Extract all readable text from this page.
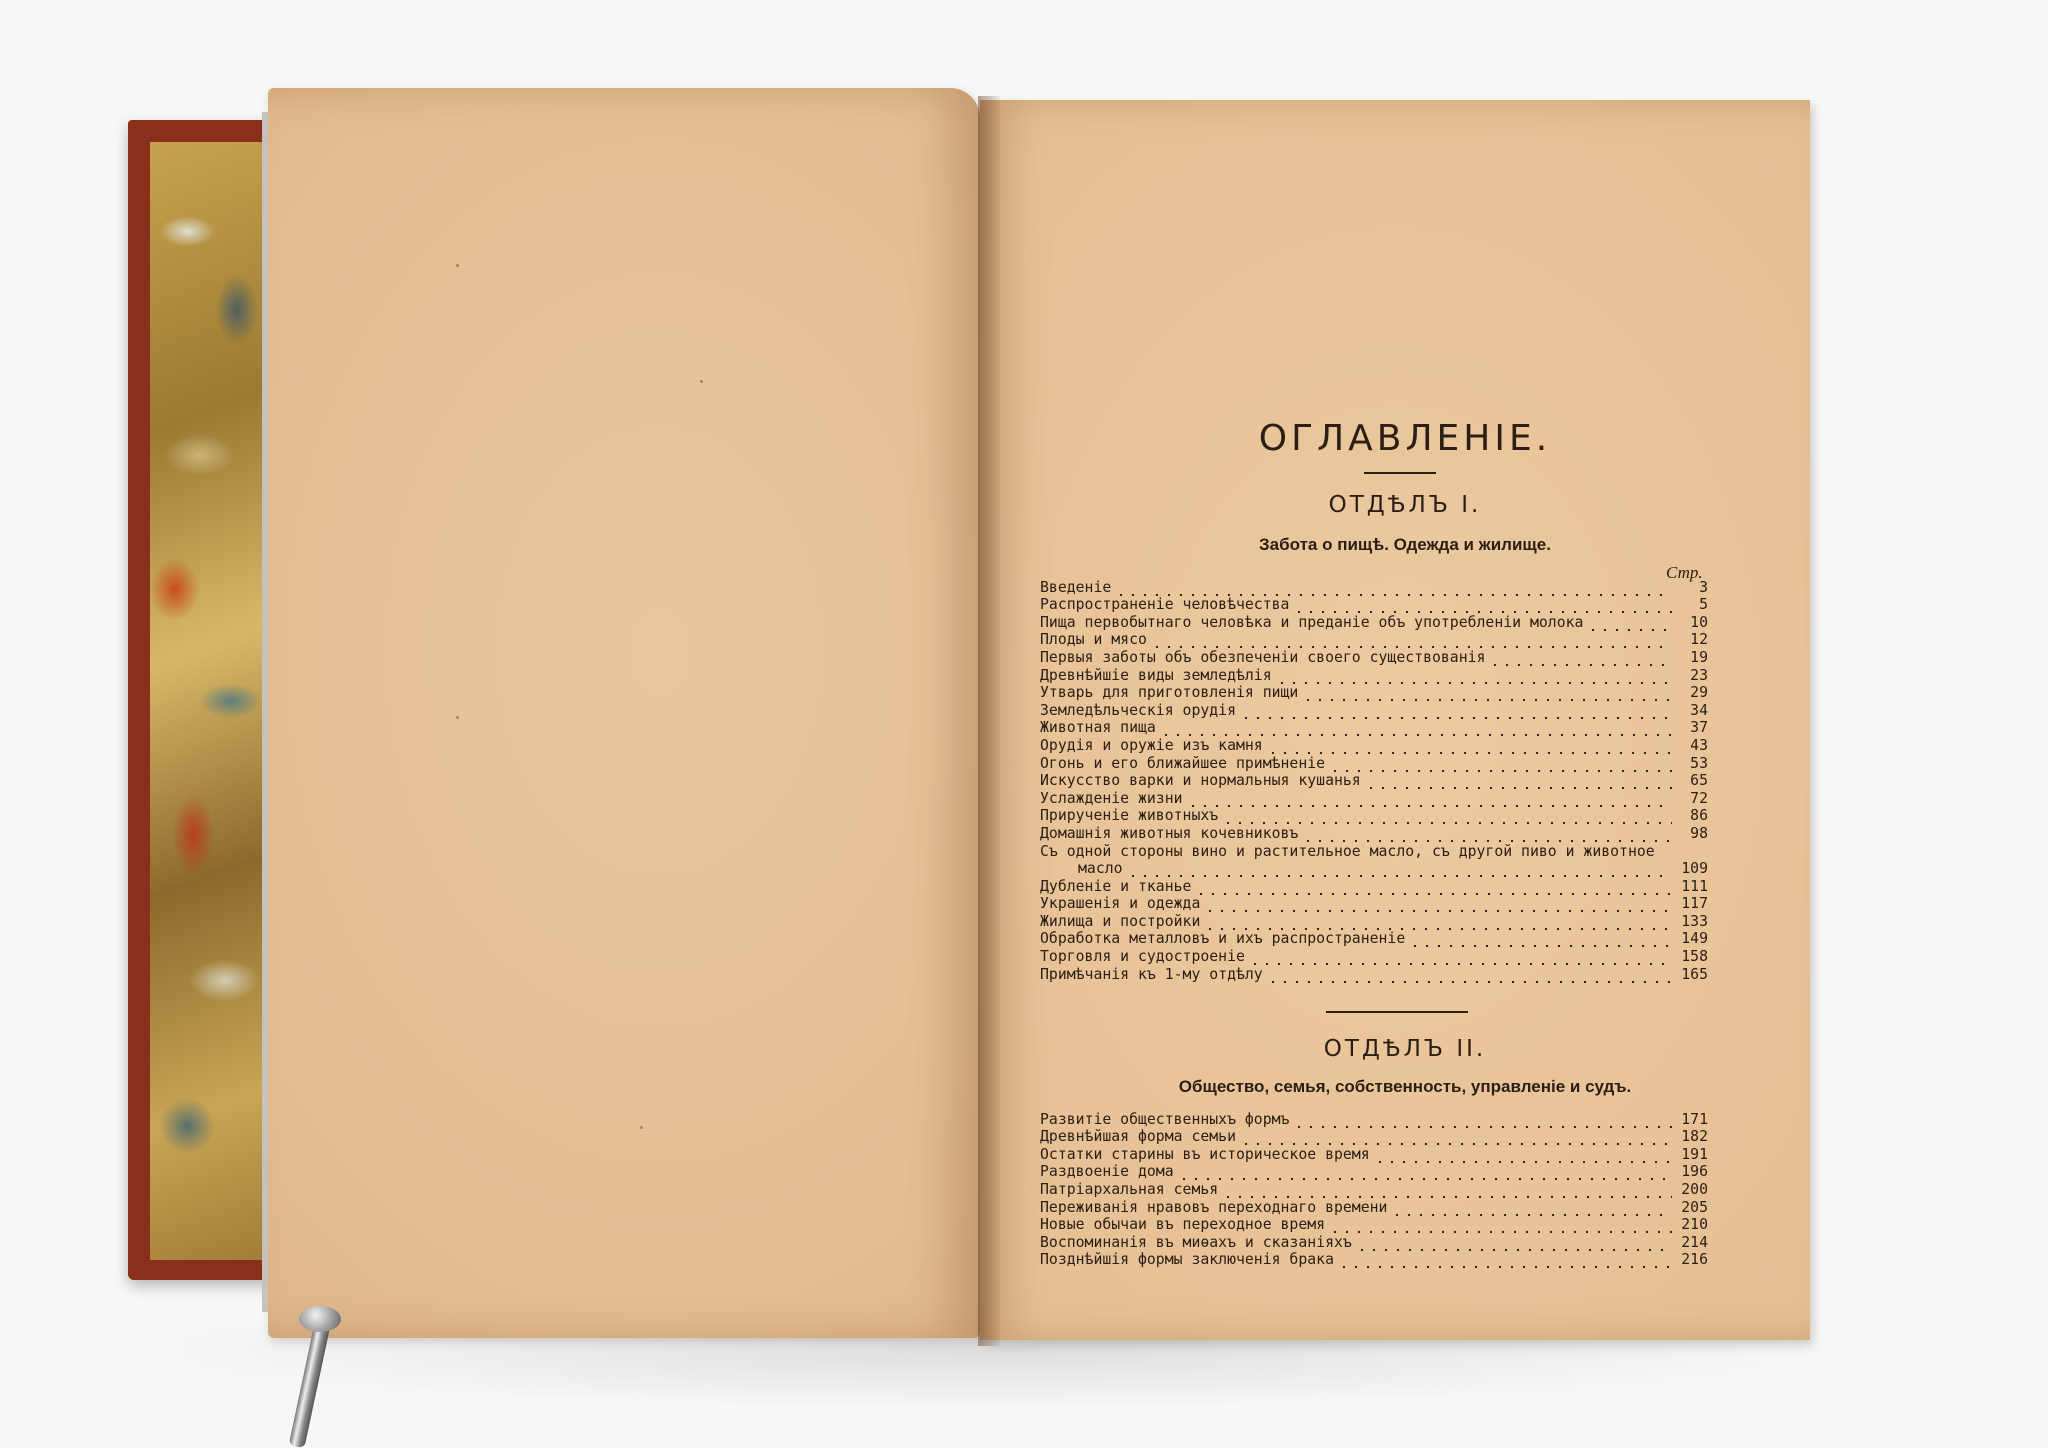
ОГЛАВЛЕНІЕ.
ОТДѢЛЪ I.
Забота о пищѣ. Одежда и жилище.
Стр.
Введеніе	3
Распространеніе человѣчества	5
Пища первобытнаго человѣка и преданіе объ употребленіи молока	10
Плоды и мясо	12
Первыя заботы объ обезпеченіи своего существованія	19
Древнѣйшіе виды земледѣлія	23
Утварь для приготовленія пищи	29
Земледѣльческія орудія	34
Животная пища	37
Орудія и оружіе изъ камня	43
Огонь и его ближайшее примѣненіе	53
Искусство варки и нормальныя кушанья	65
Услажденіе жизни	72
Прирученіе животныхъ	86
Домашнія животныя кочевниковъ	98
Съ одной стороны вино и растительное масло, съ другой пиво и животное
масло	109
Дубленіе и тканье	111
Украшенія и одежда	117
Жилища и постройки	133
Обработка металловъ и ихъ распространеніе	149
Торговля и судостроеніе	158
Примѣчанія къ 1-му отдѣлу	165
ОТДѢЛЪ II.
Общество, семья, собственность, управленіе и судъ.
Развитіе общественныхъ формъ	171
Древнѣйшая форма семьи	182
Остатки старины въ историческое время	191
Раздвоеніе дома	196
Патріархальная семья	200
Переживанія нравовъ переходнаго времени	205
Новые обычаи въ переходное время	210
Воспоминанія въ миѳахъ и сказаніяхъ	214
Позднѣйшія формы заключенія брака	216
